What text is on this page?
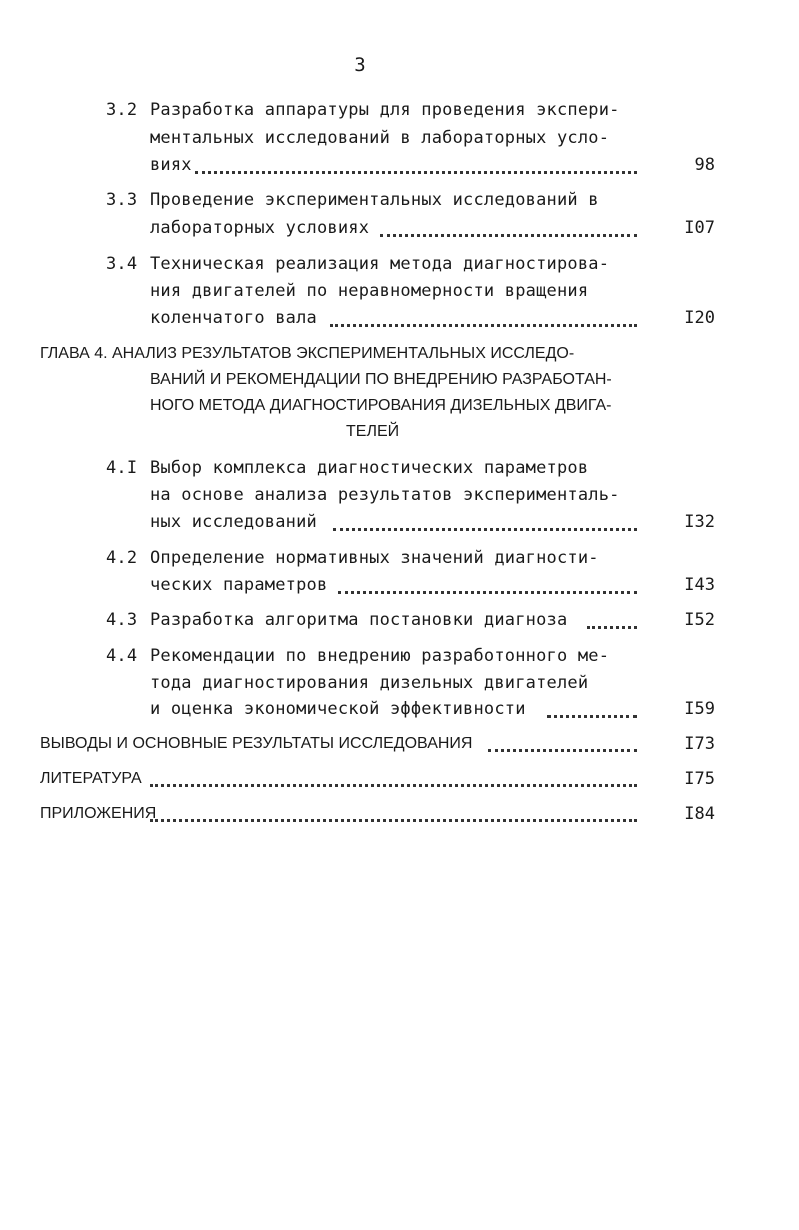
3
3.2 Разработка аппаратуры для проведения экспери-
ментальных исследований в лабораторных усло-
виях	98
3.3 Проведение экспериментальных исследований в
лабораторных условиях	I07
3.4 Техническая реализация метода диагностирова-
ния двигателей по неравномерности вращения
коленчатого вала	I20
ГЛАВА 4. АНАЛИЗ РЕЗУЛЬТАТОВ ЭКСПЕРИМЕНТАЛЬНЫХ ИССЛЕДО-
ВАНИЙ И РЕКОМЕНДАЦИИ ПО ВНЕДРЕНИЮ РАЗРАБОТАН-
НОГО МЕТОДА ДИАГНОСТИРОВАНИЯ ДИЗЕЛЬНЫХ ДВИГА-
ТЕЛЕЙ
4.I Выбор комплекса диагностических параметров
на основе анализа результатов эксперименталь-
ных исследований	I32
4.2 Определение нормативных значений диагности-
ческих параметров	I43
4.3 Разработка алгоритма постановки диагноза	I52
4.4 Рекомендации по внедрению разработонного ме-
тода диагностирования дизельных двигателей
и оценка экономической эффективности	I59
ВЫВОДЫ И ОСНОВНЫЕ РЕЗУЛЬТАТЫ ИССЛЕДОВАНИЯ	I73
ЛИТЕРАТУРА	I75
ПРИЛОЖЕНИЯ	I84
